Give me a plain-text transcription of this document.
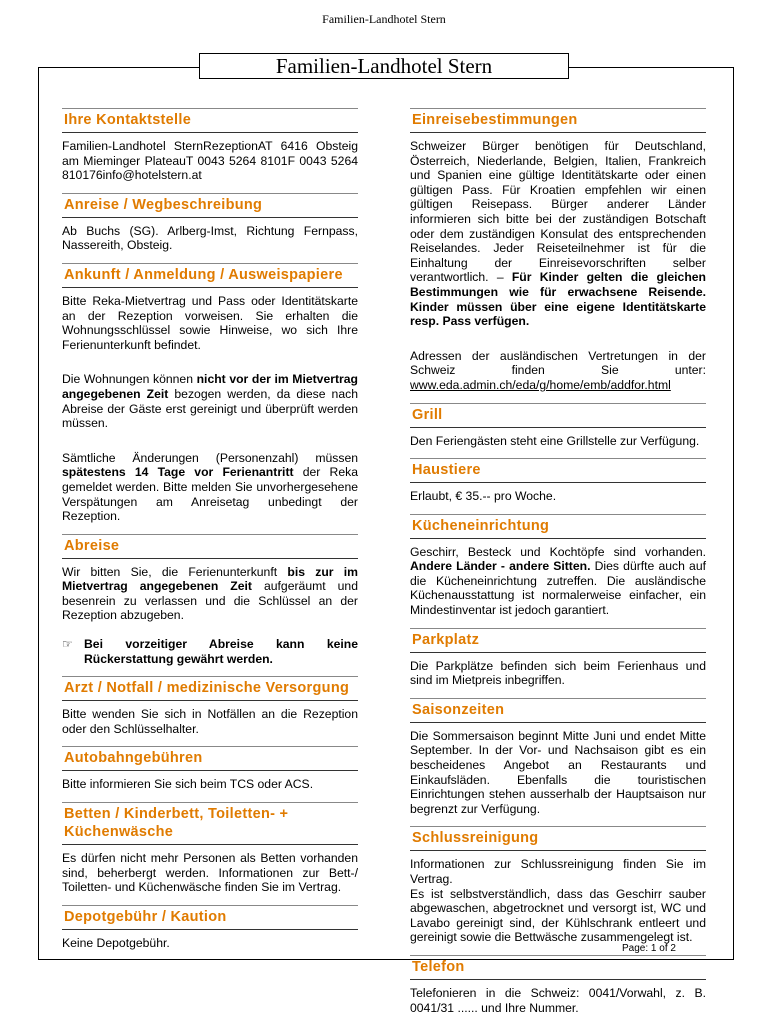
Familien-Landhotel Stern
Familien-Landhotel Stern
Ihre Kontaktstelle

Familien-Landhotel SternRezeptionAT 6416 Obsteig am Mieminger PlateauT 0043 5264 8101F 0043 5264 810176info@hotelstern.at

Anreise / Wegbeschreibung

Ab Buchs (SG). Arlberg-Imst, Richtung Fernpass, Nassereith, Obsteig.

Ankunft / Anmeldung / Ausweispapiere

Bitte Reka-Mietvertrag und Pass oder Identitätskarte an der Rezeption vorweisen. Sie erhalten die Wohnungsschlüssel sowie Hinweise, wo sich Ihre Ferienunterkunft befindet.

Die Wohnungen können nicht vor der im Mietvertrag angegebenen Zeit bezogen werden, da diese nach Abreise der Gäste erst gereinigt und überprüft werden müssen.

Sämtliche Änderungen (Personenzahl) müssen spätestens 14 Tage vor Ferienantritt der Reka gemeldet werden. Bitte melden Sie unvorhergesehene Verspätungen am Anreisetag unbedingt der Rezeption.

Abreise

Wir bitten Sie, die Ferienunterkunft bis zur im Mietvertrag angegebenen Zeit aufgeräumt und besenrein zu verlassen und die Schlüssel an der Rezeption abzugeben.

☞ Bei vorzeitiger Abreise kann keine Rückerstattung gewährt werden.
Arzt / Notfall / medizinische Versorgung

Bitte wenden Sie sich in Notfällen an die Rezeption oder den Schlüsselhalter.

Autobahngebühren

Bitte informieren Sie sich beim TCS oder ACS.

Betten / Kinderbett, Toiletten- + Küchenwäsche

Es dürfen nicht mehr Personen als Betten vorhanden sind, beherbergt werden. Informationen zur Bett-/ Toiletten- und Küchenwäsche finden Sie im Vertrag.

Depotgebühr / Kaution

Keine Depotgebühr.

Einreisebestimmungen

Schweizer Bürger benötigen für Deutschland, Österreich, Niederlande, Belgien, Italien, Frankreich und Spanien eine gültige Identitätskarte oder einen gültigen Pass. Für Kroatien empfehlen wir einen gültigen Reisepass. Bürger anderer Länder informieren sich bitte bei der zuständigen Botschaft oder dem zuständigen Konsulat des entsprechenden Reiselandes. Jeder Reiseteilnehmer ist für die Einhaltung der Einreisevorschriften selber verantwortlich. – Für Kinder gelten die gleichen Bestimmungen wie für erwachsene Reisende. Kinder müssen über eine eigene Identitätskarte resp. Pass verfügen.

Adressen der ausländischen Vertretungen in der Schweiz finden Sie unter: www.eda.admin.ch/eda/g/home/emb/addfor.html

Grill

Den Feriengästen steht eine Grillstelle zur Verfügung.

Haustiere

Erlaubt, € 35.-- pro Woche.

Kücheneinrichtung

Geschirr, Besteck und Kochtöpfe sind vorhanden. Andere Länder - andere Sitten. Dies dürfte auch auf die Kücheneinrichtung zutreffen. Die ausländische Küchenausstattung ist normalerweise einfacher, ein Mindestinventar ist jedoch garantiert.

Parkplatz

Die Parkplätze befinden sich beim Ferienhaus und sind im Mietpreis inbegriffen.

Saisonzeiten

Die Sommersaison beginnt Mitte Juni und endet Mitte September. In der Vor- und Nachsaison gibt es ein bescheidenes Angebot an Restaurants und Einkaufsläden. Ebenfalls die touristischen Einrichtungen stehen ausserhalb der Hauptsaison nur begrenzt zur Verfügung.

Schlussreinigung

Informationen zur Schlussreinigung finden Sie im Vertrag.

Es ist selbstverständlich, dass das Geschirr sauber abgewaschen, abgetrocknet und versorgt ist, WC und Lavabo gereinigt sind, der Kühlschrank entleert und gereinigt sowie die Bettwäsche zusammengelegt ist.

Telefon

Telefonieren in die Schweiz: 0041/Vorwahl, z. B. 0041/31 ...... und Ihre Nummer.

Page: 1 of 2
